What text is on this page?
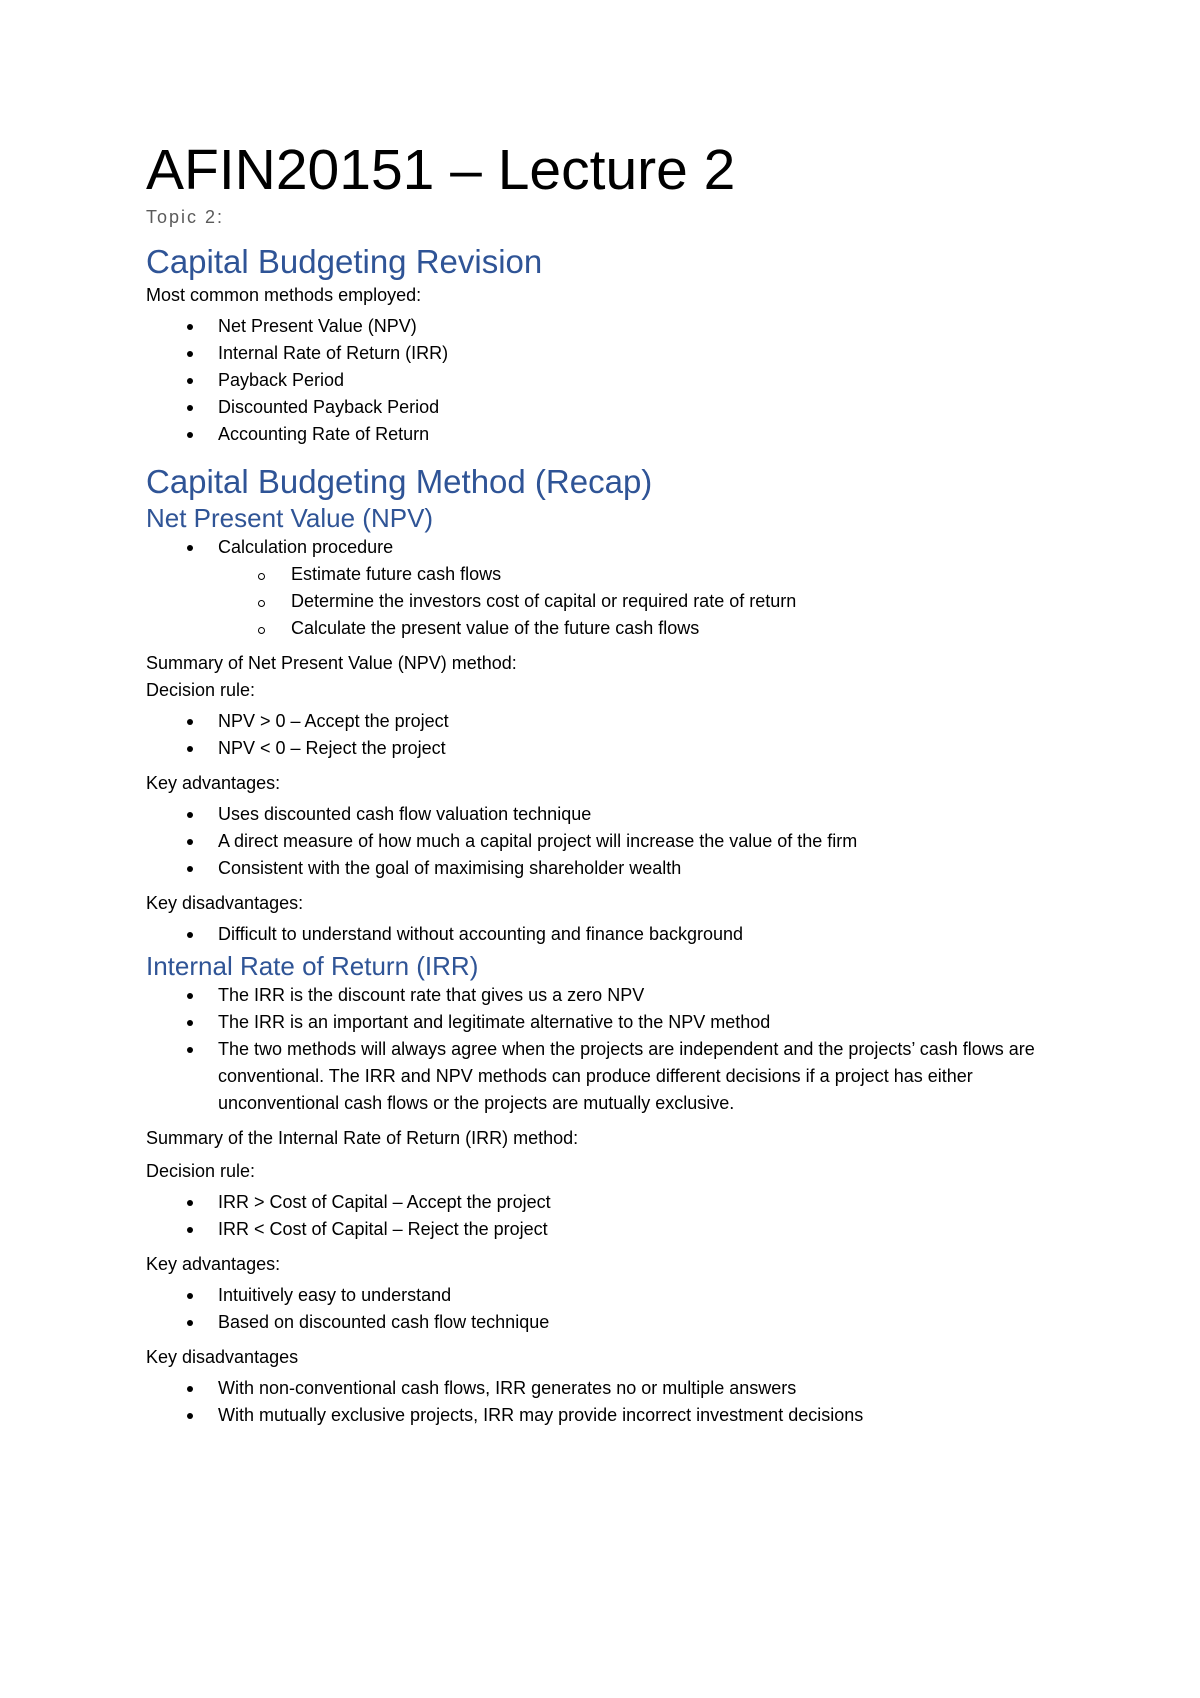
AFIN20151 – Lecture 2
Topic 2:
Capital Budgeting Revision

Most common methods employed:

Net Present Value (NPV)
Internal Rate of Return (IRR)
Payback Period
Discounted Payback Period
Accounting Rate of Return
Capital Budgeting Method (Recap)
Net Present Value (NPV)
Calculation procedure
Estimate future cash flows
Determine the investors cost of capital or required rate of return
Calculate the present value of the future cash flows

Summary of Net Present Value (NPV) method:

Decision rule:

NPV > 0 – Accept the project
NPV < 0 – Reject the project

Key advantages:

Uses discounted cash flow valuation technique
A direct measure of how much a capital project will increase the value of the firm
Consistent with the goal of maximising shareholder wealth

Key disadvantages:

Difficult to understand without accounting and finance background
Internal Rate of Return (IRR)
The IRR is the discount rate that gives us a zero NPV
The IRR is an important and legitimate alternative to the NPV method
The two methods will always agree when the projects are independent and the projects’ cash flows are conventional. The IRR and NPV methods can produce different decisions if a project has either unconventional cash flows or the projects are mutually exclusive.

Summary of the Internal Rate of Return (IRR) method:

Decision rule:

IRR > Cost of Capital – Accept the project
IRR < Cost of Capital – Reject the project

Key advantages:

Intuitively easy to understand
Based on discounted cash flow technique

Key disadvantages

With non-conventional cash flows, IRR generates no or multiple answers
With mutually exclusive projects, IRR may provide incorrect investment decisions
